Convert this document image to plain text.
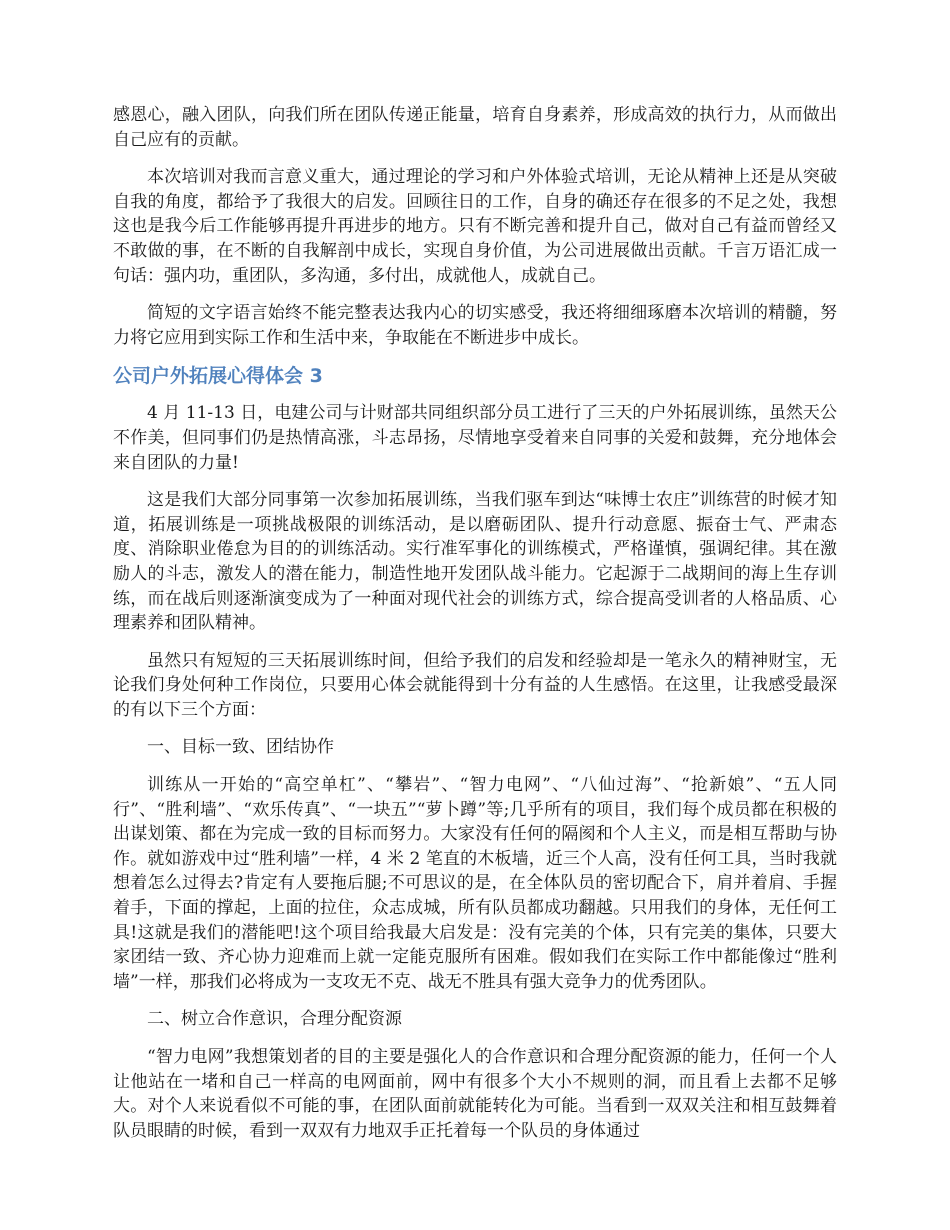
感恩心，融入团队，向我们所在团队传递正能量，培育自身素养，形成高效的执行力，从而做出自己应有的贡献。

本次培训对我而言意义重大，通过理论的学习和户外体验式培训，无论从精神上还是从突破自我的角度，都给予了我很大的启发。回顾往日的工作，自身的确还存在很多的不足之处，我想这也是我今后工作能够再提升再进步的地方。只有不断完善和提升自己，做对自己有益而曾经又不敢做的事，在不断的自我解剖中成长，实现自身价值，为公司进展做出贡献。千言万语汇成一句话：强内功，重团队，多沟通，多付出，成就他人，成就自己。

简短的文字语言始终不能完整表达我内心的切实感受，我还将细细琢磨本次培训的精髓，努力将它应用到实际工作和生活中来，争取能在不断进步中成长。

公司户外拓展心得体会 3

4 月 11-13 日，电建公司与计财部共同组织部分员工进行了三天的户外拓展训练，虽然天公不作美，但同事们仍是热情高涨，斗志昂扬，尽情地享受着来自同事的关爱和鼓舞，充分地体会来自团队的力量!

这是我们大部分同事第一次参加拓展训练，当我们驱车到达“味博士农庄”训练营的时候才知道，拓展训练是一项挑战极限的训练活动，是以磨砺团队、提升行动意愿、振奋士气、严肃态度、消除职业倦怠为目的的训练活动。实行准军事化的训练模式，严格谨慎，强调纪律。其在激励人的斗志，激发人的潜在能力，制造性地开发团队战斗能力。它起源于二战期间的海上生存训练，而在战后则逐渐演变成为了一种面对现代社会的训练方式，综合提高受训者的人格品质、心理素养和团队精神。

虽然只有短短的三天拓展训练时间，但给予我们的启发和经验却是一笔永久的精神财宝，无论我们身处何种工作岗位，只要用心体会就能得到十分有益的人生感悟。在这里，让我感受最深的有以下三个方面：

一、目标一致、团结协作

训练从一开始的“高空单杠”、“攀岩”、“智力电网”、“八仙过海”、“抢新娘”、“五人同行”、“胜利墙”、“欢乐传真”、“一块五”“萝卜蹲”等;几乎所有的项目，我们每个成员都在积极的出谋划策、都在为完成一致的目标而努力。大家没有任何的隔阂和个人主义，而是相互帮助与协作。就如游戏中过“胜利墙”一样，4 米 2 笔直的木板墙，近三个人高，没有任何工具，当时我就想着怎么过得去?肯定有人要拖后腿;不可思议的是，在全体队员的密切配合下，肩并着肩、手握着手，下面的撑起，上面的拉住，众志成城，所有队员都成功翻越。只用我们的身体，无任何工具!这就是我们的潜能吧!这个项目给我最大启发是：没有完美的个体，只有完美的集体，只要大家团结一致、齐心协力迎难而上就一定能克服所有困难。假如我们在实际工作中都能像过“胜利墙”一样，那我们必将成为一支攻无不克、战无不胜具有强大竞争力的优秀团队。

二、树立合作意识，合理分配资源

“智力电网”我想策划者的目的主要是强化人的合作意识和合理分配资源的能力，任何一个人让他站在一堵和自己一样高的电网面前，网中有很多个大小不规则的洞，而且看上去都不足够大。对个人来说看似不可能的事，在团队面前就能转化为可能。当看到一双双关注和相互鼓舞着队员眼睛的时候，看到一双双有力地双手正托着每一个队员的身体通过
